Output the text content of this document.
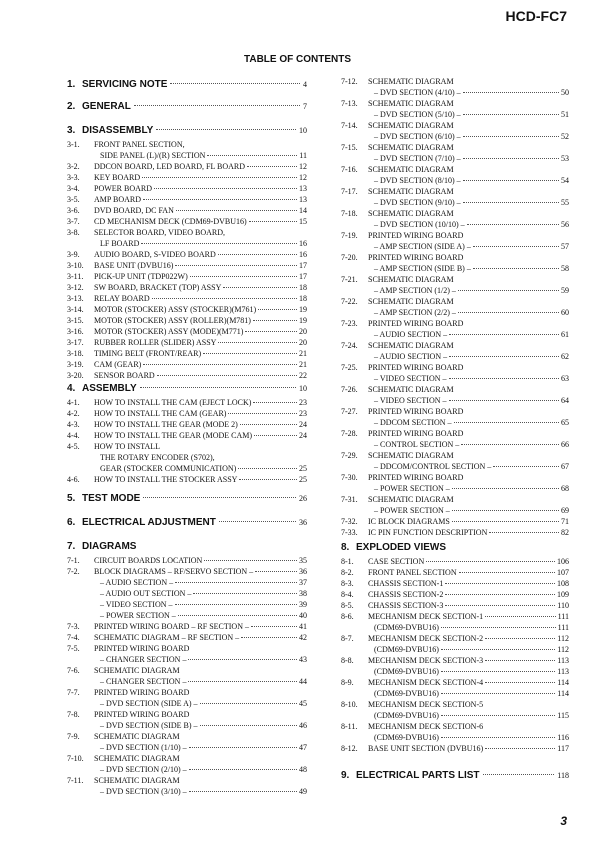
HCD-FC7
TABLE OF CONTENTS
1. SERVICING NOTE	4
2. GENERAL	7
3. DISASSEMBLY	10
3-1.	FRONT PANEL SECTION,
SIDE PANEL (L)/(R) SECTION	11
3-2.	DDCON BOARD, LED BOARD, FL BOARD	12
3-3.	KEY BOARD	12
3-4.	POWER BOARD	13
3-5.	AMP BOARD	13
3-6.	DVD BOARD, DC FAN	14
3-7.	CD MECHANISM DECK (CDM69-DVBU16)	15
3-8.	SELECTOR BOARD, VIDEO BOARD,
LF BOARD	16
3-9.	AUDIO BOARD, S-VIDEO BOARD	16
3-10.	BASE UNIT (DVBU16)	17
3-11.	PICK-UP UNIT (TDP022W)	17
3-12.	SW BOARD, BRACKET (TOP) ASSY	18
3-13.	RELAY BOARD	18
3-14.	MOTOR (STOCKER) ASSY (STOCKER)(M761)	19
3-15.	MOTOR (STOCKER) ASSY (ROLLER)(M781)	19
3-16.	MOTOR (STOCKER) ASSY (MODE)(M771)	20
3-17.	RUBBER ROLLER (SLIDER) ASSY	20
3-18.	TIMING BELT (FRONT/REAR)	21
3-19.	CAM (GEAR)	21
3-20.	SENSOR BOARD	22
4. ASSEMBLY	10
4-1.	HOW TO INSTALL THE CAM (EJECT LOCK)	23
4-2.	HOW TO INSTALL THE CAM (GEAR)	23
4-3.	HOW TO INSTALL THE GEAR (MODE 2)	24
4-4.	HOW TO INSTALL THE GEAR (MODE CAM)	24
4-5.	HOW TO INSTALL
THE ROTARY ENCODER (S702),
GEAR (STOCKER COMMUNICATION)	25
4-6.	HOW TO INSTALL THE STOCKER ASSY	25
5. TEST MODE	26
6. ELECTRICAL ADJUSTMENT	36
7. DIAGRAMS
7-1.	CIRCUIT BOARDS LOCATION	35
7-2.	BLOCK DIAGRAMS – RF/SERVO SECTION –	36
– AUDIO SECTION –	37
– AUDIO OUT SECTION –	38
– VIDEO SECTION –	39
– POWER SECTION –	40
7-3.	PRINTED WIRING BOARD – RF SECTION –	41
7-4.	SCHEMATIC DIAGRAM – RF SECTION –	42
7-5.	PRINTED WIRING BOARD
– CHANGER SECTION –	43
7-6.	SCHEMATIC DIAGRAM
– CHANGER SECTION –	44
7-7.	PRINTED WIRING BOARD
– DVD SECTION (SIDE A) –	45
7-8.	PRINTED WIRING BOARD
– DVD SECTION (SIDE B) –	46
7-9.	SCHEMATIC DIAGRAM
– DVD SECTION (1/10) –	47
7-10.	SCHEMATIC DIAGRAM
– DVD SECTION (2/10) –	48
7-11.	SCHEMATIC DIAGRAM
– DVD SECTION (3/10) –	49
7-12.	SCHEMATIC DIAGRAM
– DVD SECTION (4/10) –	50
7-13.	SCHEMATIC DIAGRAM
– DVD SECTION (5/10) –	51
7-14.	SCHEMATIC DIAGRAM
– DVD SECTION (6/10) –	52
7-15.	SCHEMATIC DIAGRAM
– DVD SECTION (7/10) –	53
7-16.	SCHEMATIC DIAGRAM
– DVD SECTION (8/10) –	54
7-17.	SCHEMATIC DIAGRAM
– DVD SECTION (9/10) –	55
7-18.	SCHEMATIC DIAGRAM
– DVD SECTION (10/10) –	56
7-19.	PRINTED WIRING BOARD
– AMP SECTION (SIDE A) –	57
7-20.	PRINTED WIRING BOARD
– AMP SECTION (SIDE B) –	58
7-21.	SCHEMATIC DIAGRAM
– AMP SECTION (1/2) –	59
7-22.	SCHEMATIC DIAGRAM
– AMP SECTION (2/2) –	60
7-23.	PRINTED WIRING BOARD
– AUDIO SECTION –	61
7-24.	SCHEMATIC DIAGRAM
– AUDIO SECTION –	62
7-25.	PRINTED WIRING BOARD
– VIDEO SECTION –	63
7-26.	SCHEMATIC DIAGRAM
– VIDEO SECTION –	64
7-27.	PRINTED WIRING BOARD
– DDCOM SECTION –	65
7-28.	PRINTED WIRING BOARD
– CONTROL SECTION –	66
7-29.	SCHEMATIC DIAGRAM
– DDCOM/CONTROL SECTION –	67
7-30.	PRINTED WIRING BOARD
– POWER SECTION –	68
7-31.	SCHEMATIC DIAGRAM
– POWER SECTION –	69
7-32.	IC BLOCK DIAGRAMS	71
7-33.	IC PIN FUNCTION DESCRIPTION	82
8. EXPLODED VIEWS
8-1.	CASE SECTION	106
8-2.	FRONT PANEL SECTION	107
8-3.	CHASSIS SECTION-1	108
8-4.	CHASSIS SECTION-2	109
8-5.	CHASSIS SECTION-3	110
8-6.	MECHANISM DECK SECTION-1	111
(CDM69-DVBU16)	111
8-7.	MECHANISM DECK SECTION-2	112
(CDM69-DVBU16)	112
8-8.	MECHANISM DECK SECTION-3	113
(CDM69-DVBU16)	113
8-9.	MECHANISM DECK SECTION-4	114
(CDM69-DVBU16)	114
8-10.	MECHANISM DECK SECTION-5
(CDM69-DVBU16)	115
8-11.	MECHANISM DECK SECTION-6
(CDM69-DVBU16)	116
8-12.	BASE UNIT SECTION (DVBU16)	117
9. ELECTRICAL PARTS LIST	118
3
